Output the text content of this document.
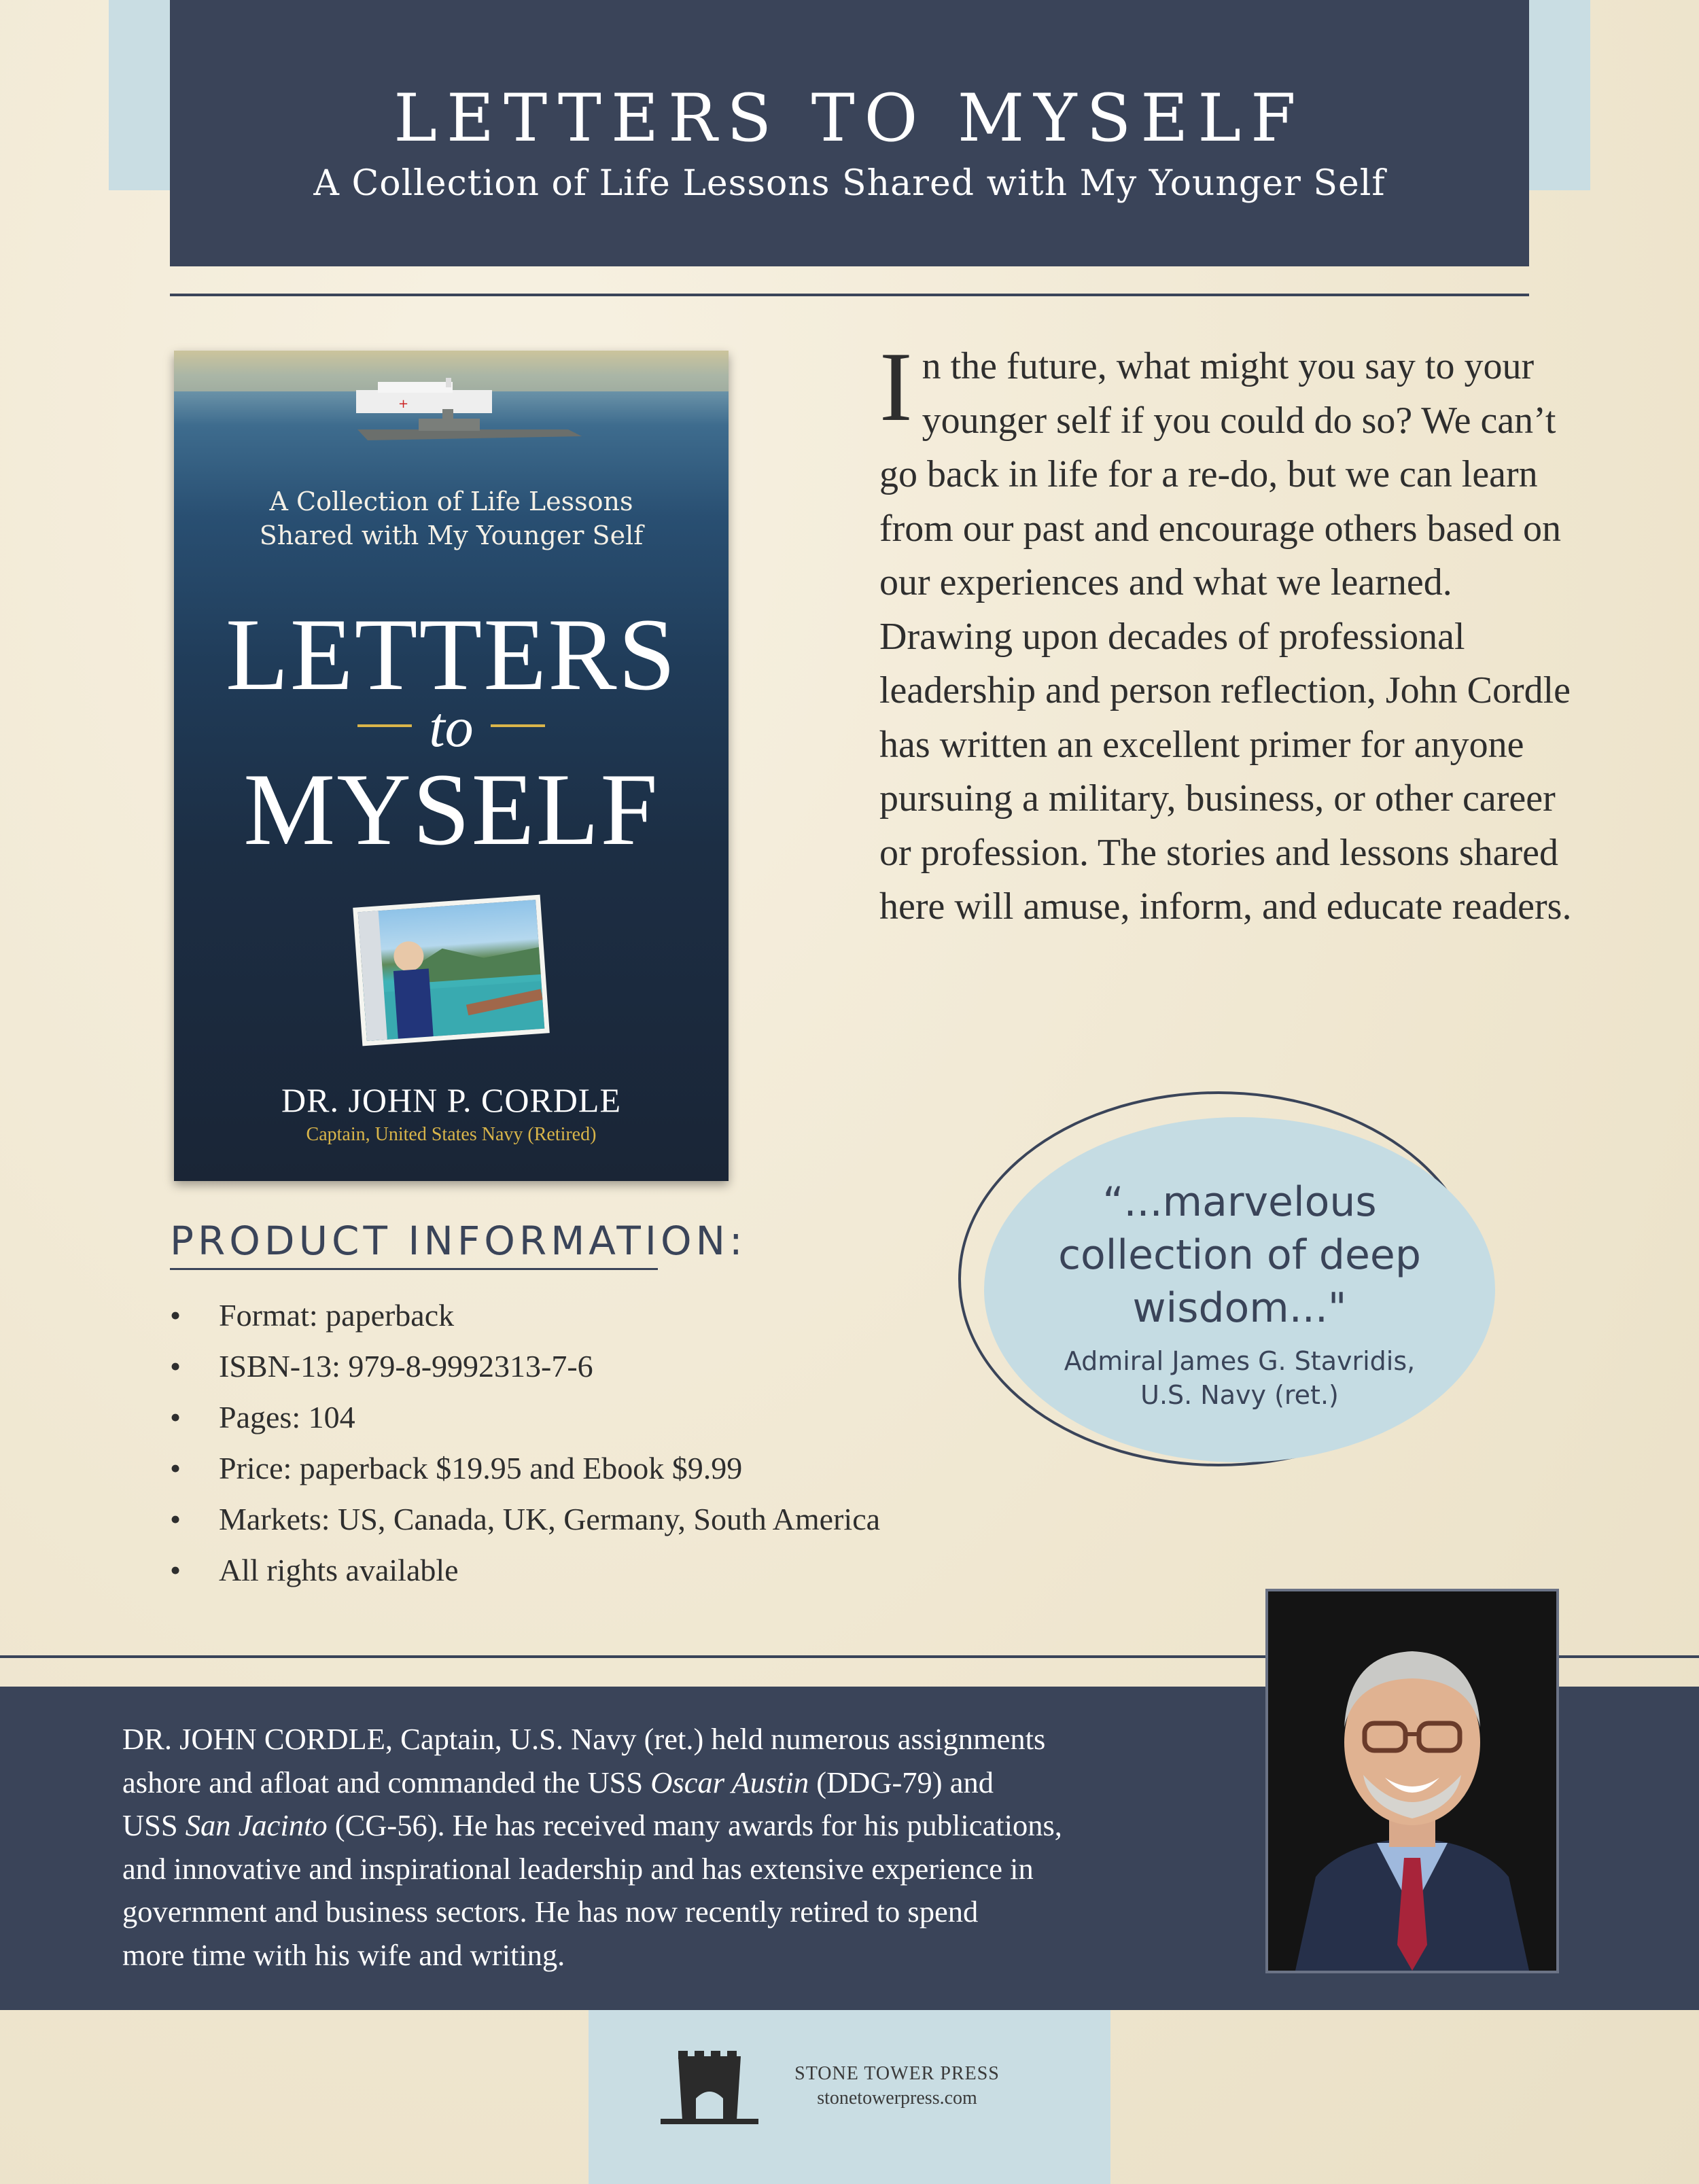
LETTERS TO MYSELF
A Collection of Life Lessons Shared with My Younger Self
+
A Collection of Life Lessons
Shared with My Younger Self
LETTERS
to
MYSELF
DR. JOHN P. CORDLE
Captain, United States Navy (Retired)
In the future, what might you say to your younger self if you could do so? We can’t go back in life for a re-do, but we can learn from our past and encourage others based on our experiences and what we learned. Drawing upon decades of professional leadership and person reflection, John Cordle has written an excellent primer for anyone pursuing a military, business, or other career or profession. The stories and lessons shared here will amuse, inform, and educate readers.
“...marvelous
collection of deep
wisdom..."
Admiral James G. Stavridis,
U.S. Navy (ret.)
PRODUCT INFORMATION:
• Format: paperback
• ISBN-13: 979-8-9992313-7-6
• Pages: 104
• Price: paperback $19.95 and Ebook $9.99
• Markets: US, Canada, UK, Germany, South America
• All rights available
DR. JOHN CORDLE, Captain, U.S. Navy (ret.) held numerous assignments
ashore and afloat and commanded the USS Oscar Austin (DDG-79) and
USS San Jacinto (CG-56). He has received many awards for his publications,
and innovative and inspirational leadership and has extensive experience in
government and business sectors. He has now recently retired to spend
more time with his wife and writing.
STONE TOWER PRESS
stonetowerpress.com
